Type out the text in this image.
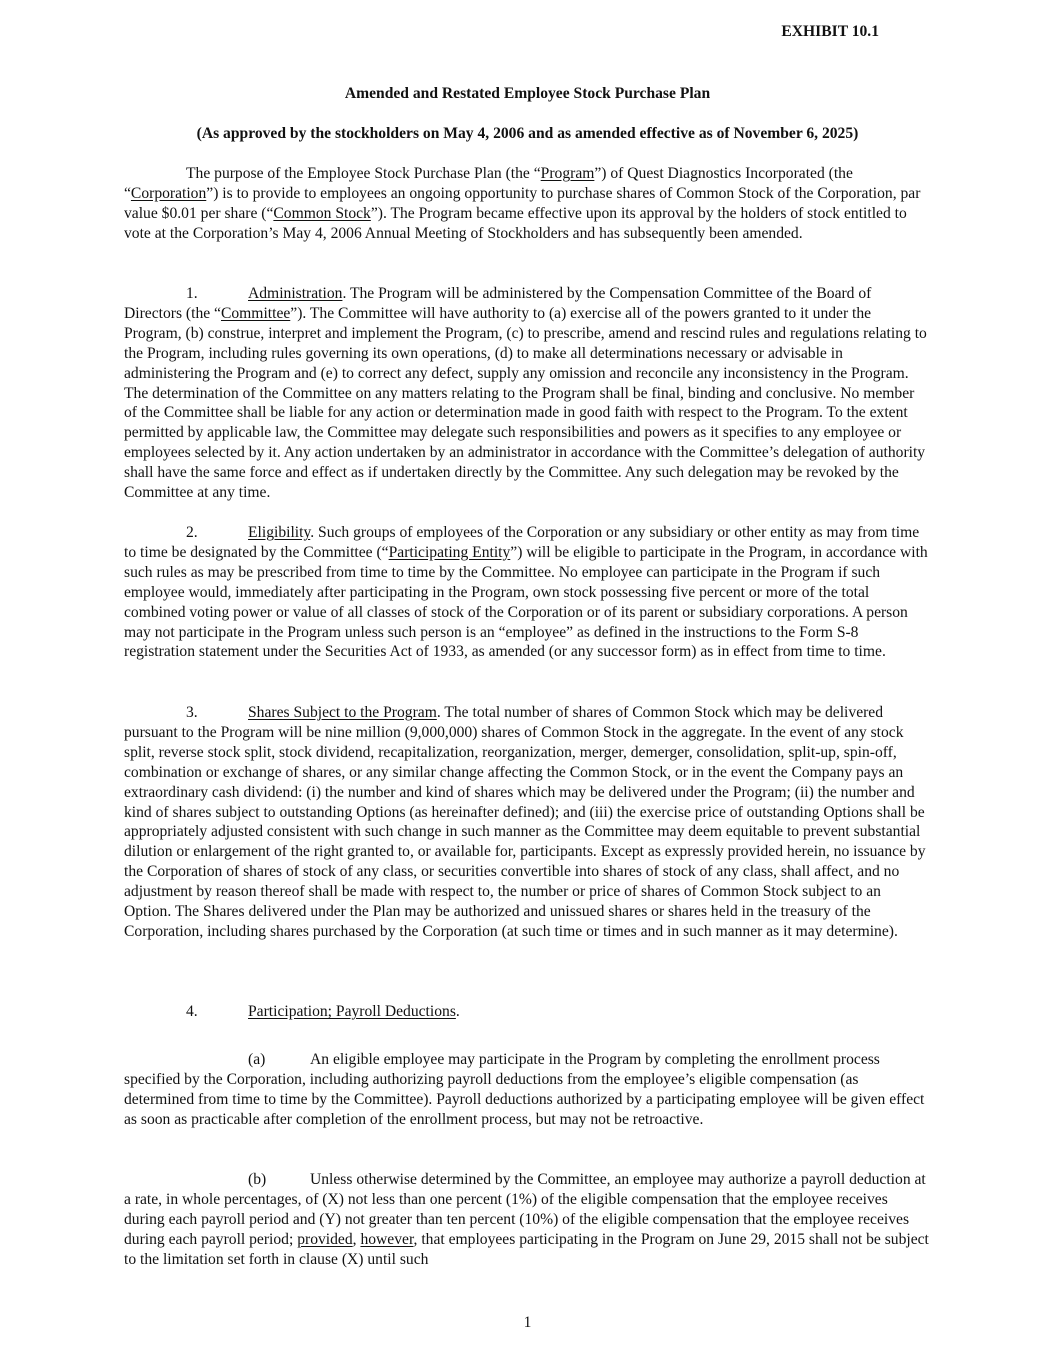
EXHIBIT 10.1
Amended and Restated Employee Stock Purchase Plan
(As approved by the stockholders on May 4, 2006 and as amended effective as of November 6, 2025)

The purpose of the Employee Stock Purchase Plan (the “Program”) of Quest Diagnostics Incorporated (the “Corporation”) is to provide to employees an ongoing opportunity to purchase shares of Common Stock of the Corporation, par value $0.01 per share (“Common Stock”). The Program became effective upon its approval by the holders of stock entitled to vote at the Corporation’s May 4, 2006 Annual Meeting of Stockholders and has subsequently been amended.

1.	Administration. The Program will be administered by the Compensation Committee of the Board of Directors (the “Committee”). The Committee will have authority to (a) exercise all of the powers granted to it under the Program, (b) construe, interpret and implement the Program, (c) to prescribe, amend and rescind rules and regulations relating to the Program, including rules governing its own operations, (d) to make all determinations necessary or advisable in administering the Program and (e) to correct any defect, supply any omission and reconcile any inconsistency in the Program. The determination of the Committee on any matters relating to the Program shall be final, binding and conclusive. No member of the Committee shall be liable for any action or determination made in good faith with respect to the Program. To the extent permitted by applicable law, the Committee may delegate such responsibilities and powers as it specifies to any employee or employees selected by it. Any action undertaken by an administrator in accordance with the Committee’s delegation of authority shall have the same force and effect as if undertaken directly by the Committee. Any such delegation may be revoked by the Committee at any time.

2.	Eligibility. Such groups of employees of the Corporation or any subsidiary or other entity as may from time to time be designated by the Committee (“Participating Entity”) will be eligible to participate in the Program, in accordance with such rules as may be prescribed from time to time by the Committee. No employee can participate in the Program if such employee would, immediately after participating in the Program, own stock possessing five percent or more of the total combined voting power or value of all classes of stock of the Corporation or of its parent or subsidiary corporations. A person may not participate in the Program unless such person is an “employee” as defined in the instructions to the Form S-8 registration statement under the Securities Act of 1933, as amended (or any successor form) as in effect from time to time.

3.	Shares Subject to the Program. The total number of shares of Common Stock which may be delivered pursuant to the Program will be nine million (9,000,000) shares of Common Stock in the aggregate. In the event of any stock split, reverse stock split, stock dividend, recapitalization, reorganization, merger, demerger, consolidation, split-up, spin-off, combination or exchange of shares, or any similar change affecting the Common Stock, or in the event the Company pays an extraordinary cash dividend: (i) the number and kind of shares which may be delivered under the Program; (ii) the number and kind of shares subject to outstanding Options (as hereinafter defined); and (iii) the exercise price of outstanding Options shall be appropriately adjusted consistent with such change in such manner as the Committee may deem equitable to prevent substantial dilution or enlargement of the right granted to, or available for, participants. Except as expressly provided herein, no issuance by the Corporation of shares of stock of any class, or securities convertible into shares of stock of any class, shall affect, and no adjustment by reason thereof shall be made with respect to, the number or price of shares of Common Stock subject to an Option. The Shares delivered under the Plan may be authorized and unissued shares or shares held in the treasury of the Corporation, including shares purchased by the Corporation (at such time or times and in such manner as it may determine).

4.	Participation; Payroll Deductions.

(a)	An eligible employee may participate in the Program by completing the enrollment process specified by the Corporation, including authorizing payroll deductions from the employee’s eligible compensation (as determined from time to time by the Committee). Payroll deductions authorized by a participating employee will be given effect as soon as practicable after completion of the enrollment process, but may not be retroactive.

(b)	Unless otherwise determined by the Committee, an employee may authorize a payroll deduction at a rate, in whole percentages, of (X) not less than one percent (1%) of the eligible compensation that the employee receives during each payroll period and (Y) not greater than ten percent (10%) of the eligible compensation that the employee receives during each payroll period; provided, however, that employees participating in the Program on June 29, 2015 shall not be subject to the limitation set forth in clause (X) until such

1
